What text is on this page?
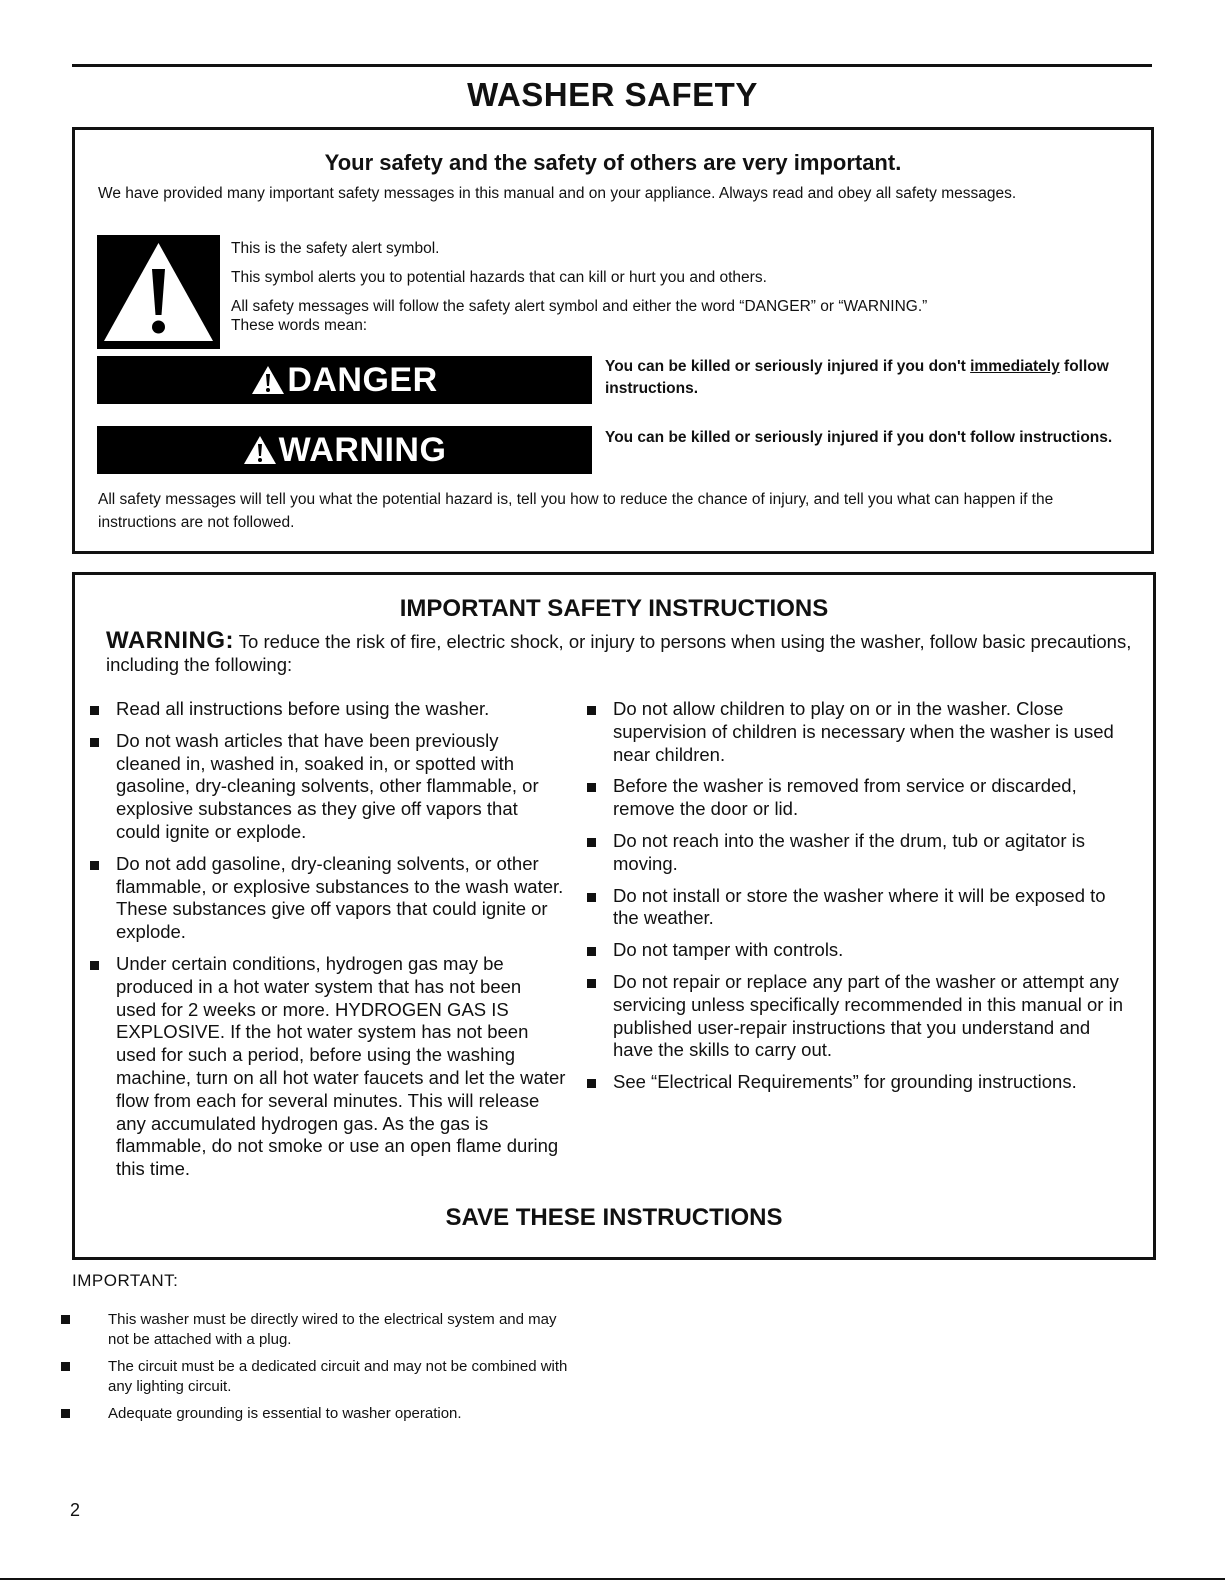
WASHER SAFETY
Your safety and the safety of others are very important.

We have provided many important safety messages in this manual and on your appliance. Always read and obey all safety messages.

This is the safety alert symbol.
This symbol alerts you to potential hazards that can kill or hurt you and others.
All safety messages will follow the safety alert symbol and either the word “DANGER” or “WARNING.”
These words mean:
DANGER	You can be killed or seriously injured if you don't immediately follow instructions.
WARNING	You can be killed or seriously injured if you don't follow instructions.

All safety messages will tell you what the potential hazard is, tell you how to reduce the chance of injury, and tell you what can happen if the instructions are not followed.

IMPORTANT SAFETY INSTRUCTIONS

WARNING: To reduce the risk of fire, electric shock, or injury to persons when using the washer, follow basic precautions, including the following:

Read all instructions before using the washer.
Do not wash articles that have been previously cleaned in, washed in, soaked in, or spotted with gasoline, dry-cleaning solvents, other flammable, or explosive substances as they give off vapors that could ignite or explode.
Do not add gasoline, dry-cleaning solvents, or other flammable, or explosive substances to the wash water. These substances give off vapors that could ignite or explode.
Under certain conditions, hydrogen gas may be produced in a hot water system that has not been used for 2 weeks or more. HYDROGEN GAS IS EXPLOSIVE. If the hot water system has not been used for such a period, before using the washing machine, turn on all hot water faucets and let the water flow from each for several minutes. This will release any accumulated hydrogen gas. As the gas is flammable, do not smoke or use an open flame during this time.
Do not allow children to play on or in the washer. Close supervision of children is necessary when the washer is used near children.
Before the washer is removed from service or discarded, remove the door or lid.
Do not reach into the washer if the drum, tub or agitator is moving.
Do not install or store the washer where it will be exposed to the weather.
Do not tamper with controls.
Do not repair or replace any part of the washer or attempt any servicing unless specifically recommended in this manual or in published user-repair instructions that you understand and have the skills to carry out.
See “Electrical Requirements” for grounding instructions.

SAVE THESE INSTRUCTIONS

IMPORTANT:

This washer must be directly wired to the electrical system and may not be attached with a plug.
The circuit must be a dedicated circuit and may not be combined with any lighting circuit.
Adequate grounding is essential to washer operation.

2
